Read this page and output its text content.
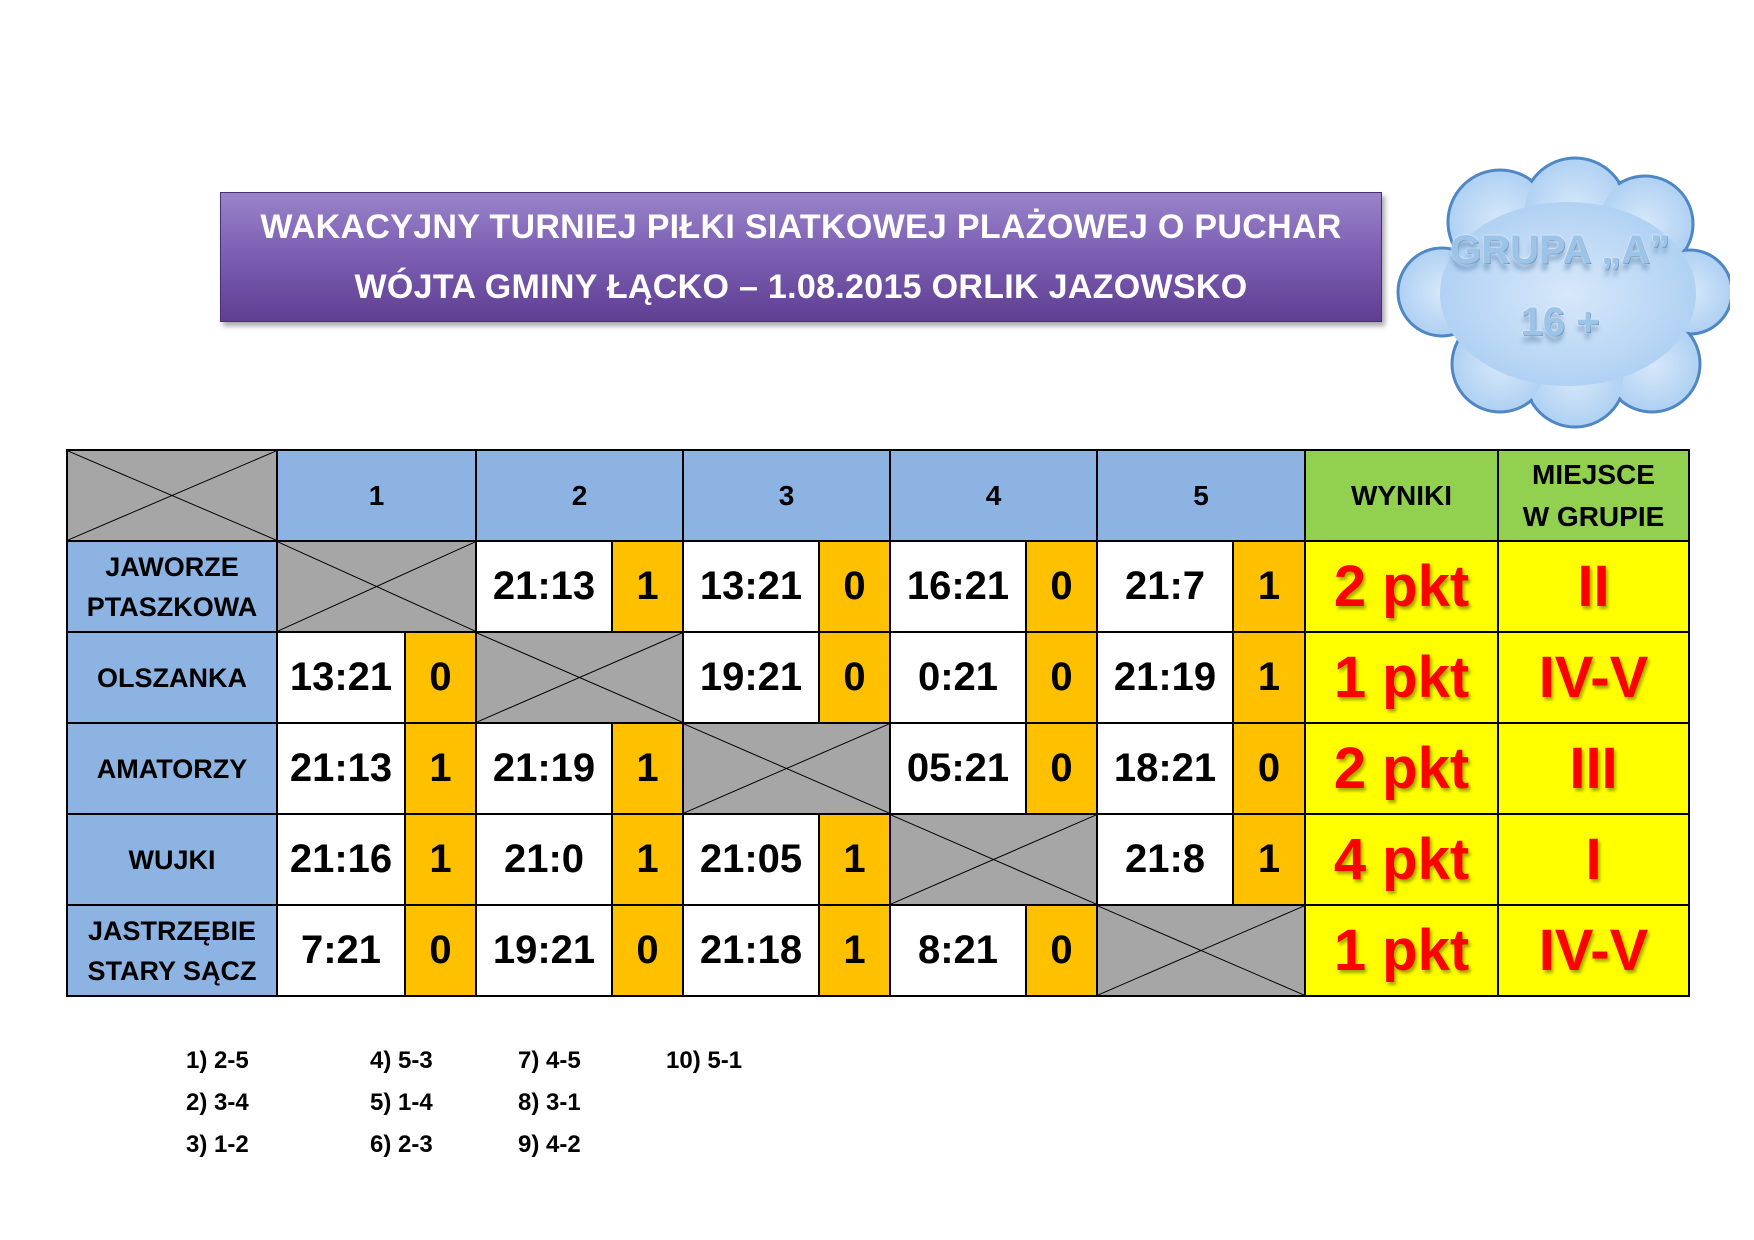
WAKACYJNY TURNIEJ PIŁKI SIATKOWEJ PLAŻOWEJ O PUCHAR
WÓJTA GMINY ŁĄCKO – 1.08.2015 ORLIK JAZOWSKO
GRUPA „A”
16 +
	1		2		3		4		5		WYNIKI	MIEJSCE
W GRUPIE

JAWORZE
PTASZKOWA			21:13	1	13:21	0	16:21	0	21:7	1	2 pkt	II

OLSZANKA	13:21	0			19:21	0	0:21	0	21:19	1	1 pkt	IV-V

AMATORZY	21:13	1	21:19	1			05:21	0	18:21	0	2 pkt	III

WUJKI	21:16	1	21:0	1	21:05	1			21:8	1	4 pkt	I

JASTRZĘBIE
STARY SĄCZ	7:21	0	19:21	0	21:18	1	8:21	0			1 pkt	IV-V
1) 2-5
2) 3-4
3) 1-2
4) 5-3
5) 1-4
6) 2-3
7) 4-5
8) 3-1
9) 4-2
10) 5-1
